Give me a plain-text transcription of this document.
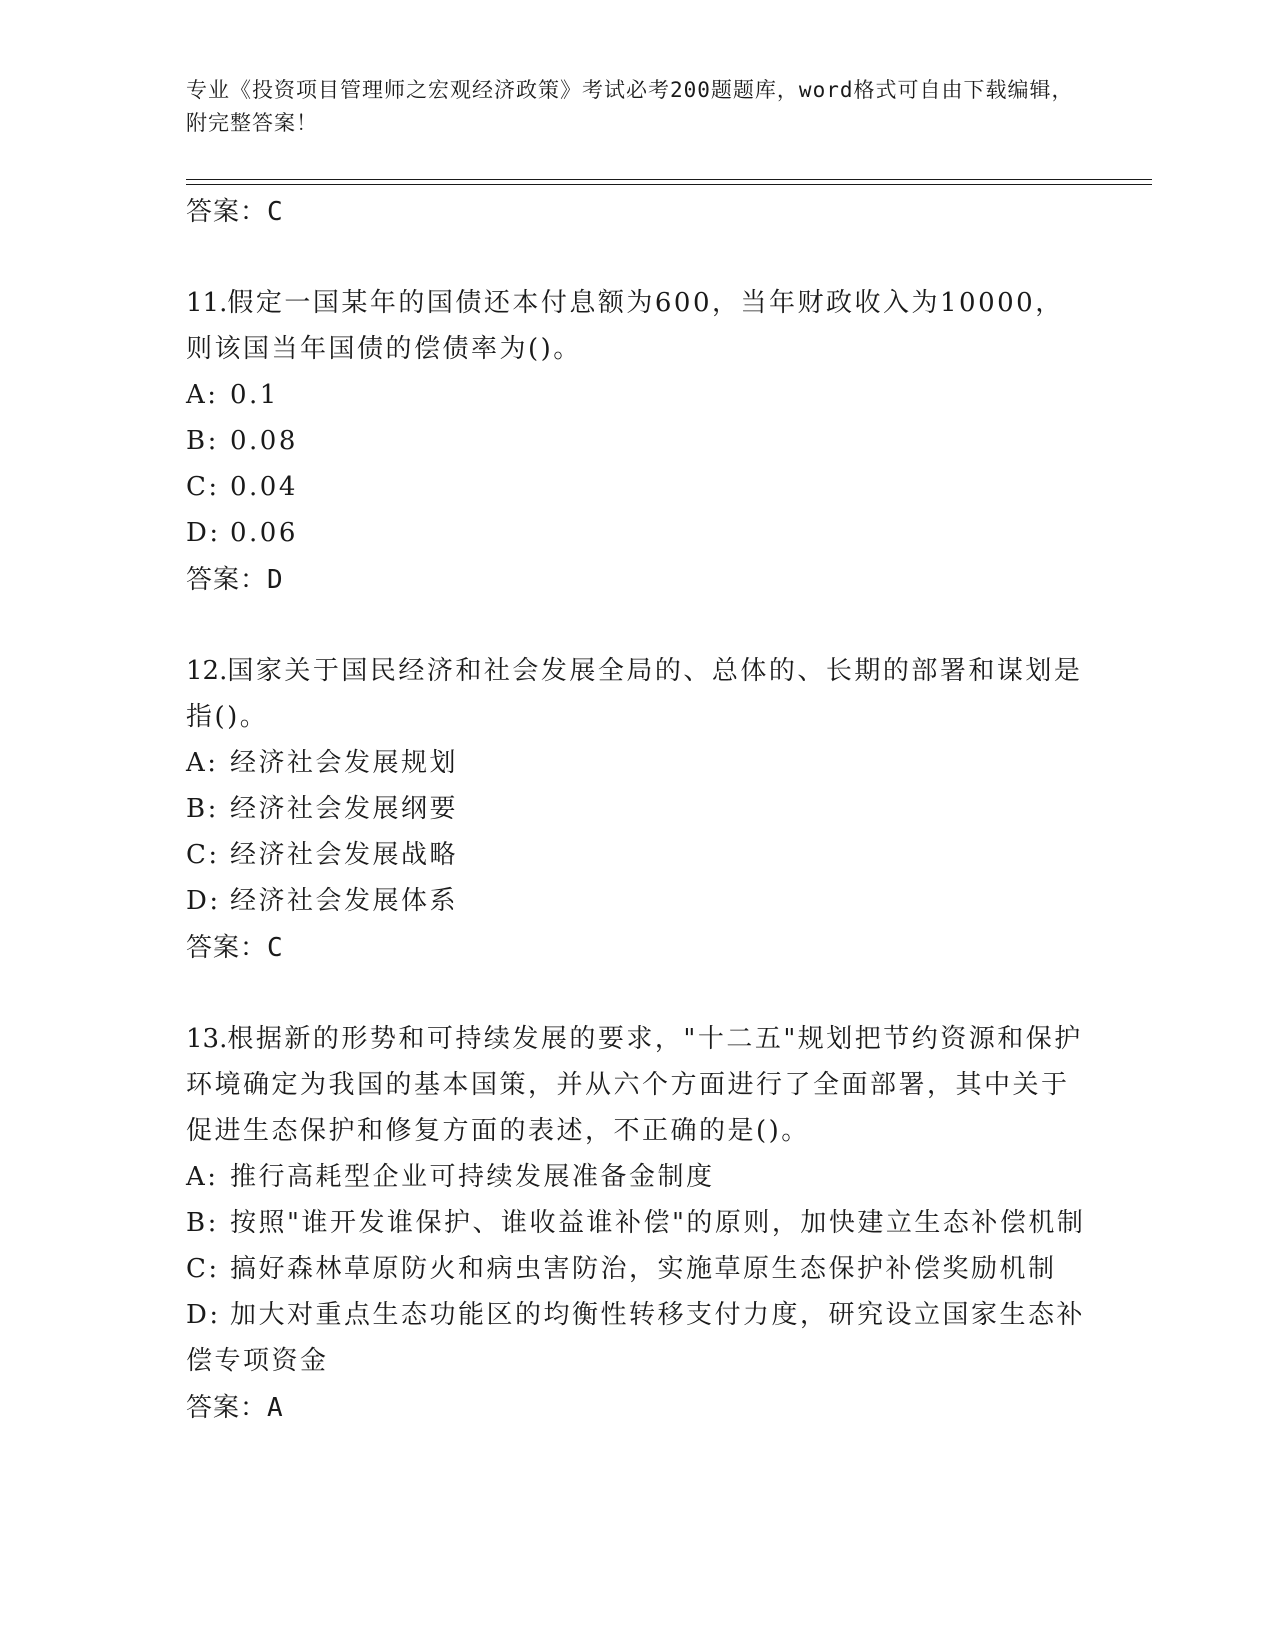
专业《投资项目管理师之宏观经济政策》考试必考200题题库，word格式可自由下载编辑，附完整答案！

答案：C

11.假定一国某年的国债还本付息额为600，当年财政收入为10000，则该国当年国债的偿债率为()。

A: 0.1

B: 0.08

C: 0.04

D: 0.06

答案：D

12.国家关于国民经济和社会发展全局的、总体的、长期的部署和谋划是指()。

A: 经济社会发展规划

B: 经济社会发展纲要

C: 经济社会发展战略

D: 经济社会发展体系

答案：C

13.根据新的形势和可持续发展的要求，"十二五"规划把节约资源和保护环境确定为我国的基本国策，并从六个方面进行了全面部署，其中关于促进生态保护和修复方面的表述，不正确的是()。

A: 推行高耗型企业可持续发展准备金制度

B: 按照"谁开发谁保护、谁收益谁补偿"的原则，加快建立生态补偿机制

C: 搞好森林草原防火和病虫害防治，实施草原生态保护补偿奖励机制

D: 加大对重点生态功能区的均衡性转移支付力度，研究设立国家生态补偿专项资金

答案：A
